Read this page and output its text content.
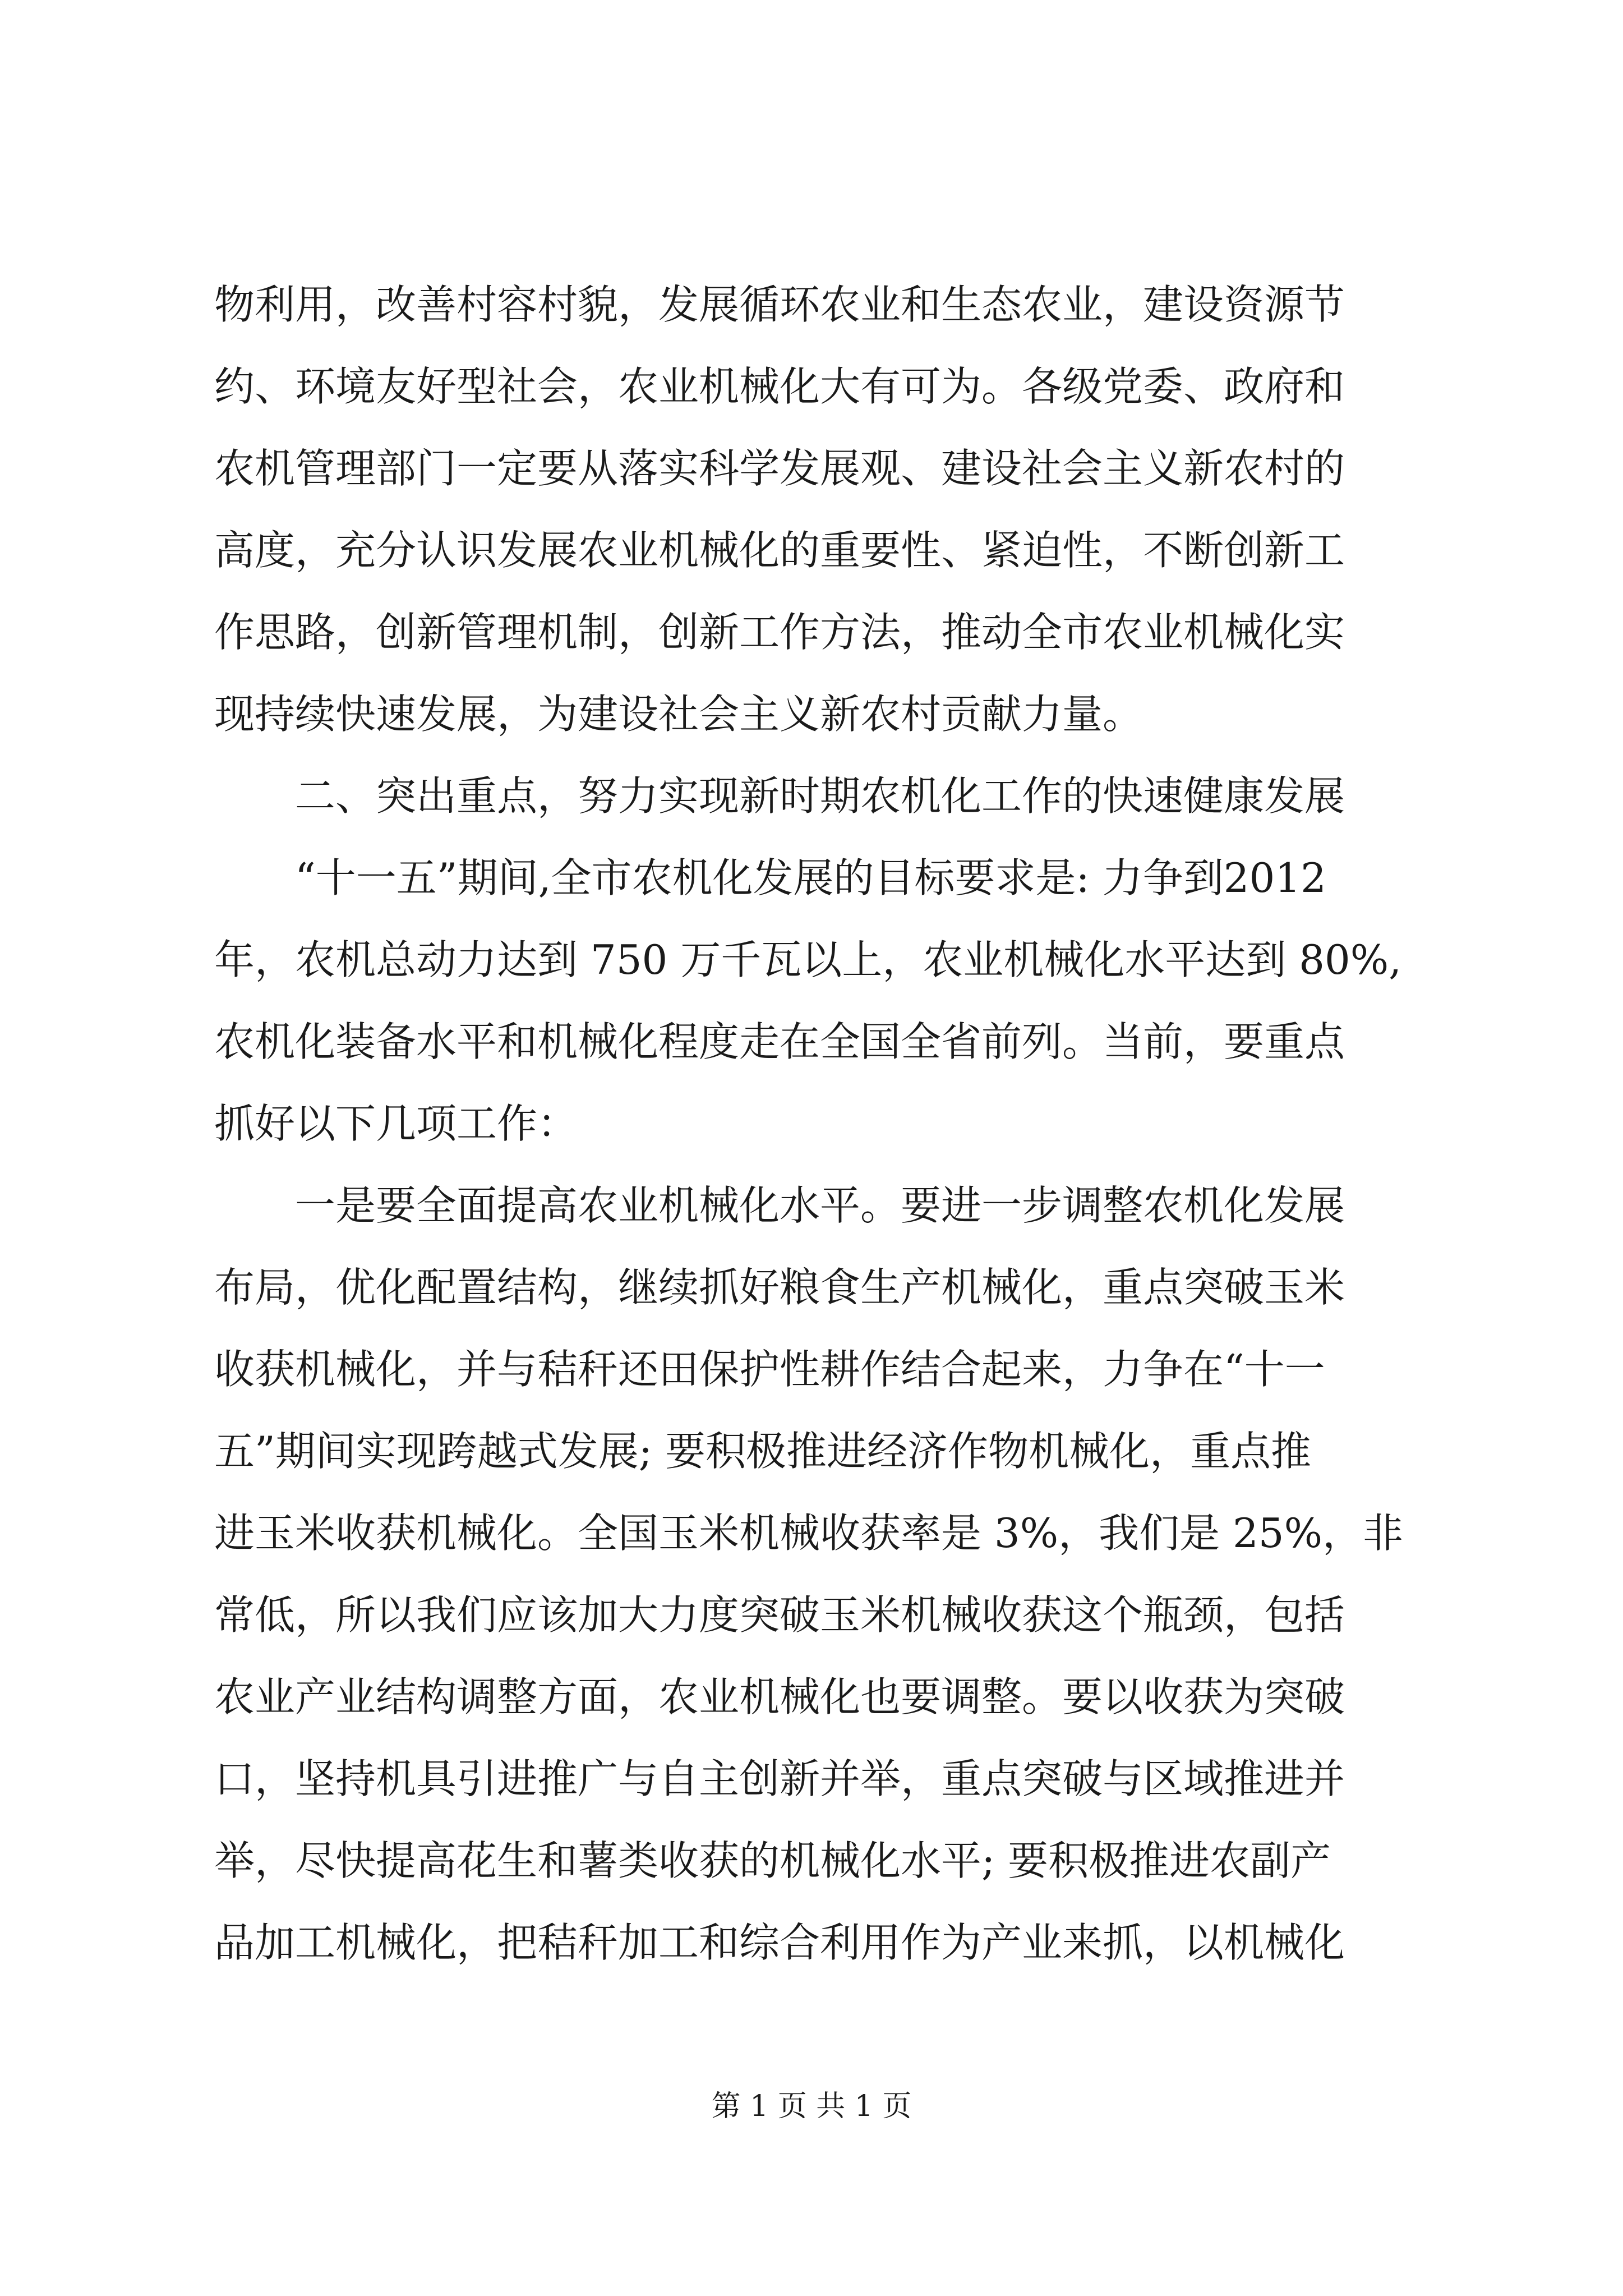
物利用，改善村容村貌，发展循环农业和生态农业，建设资源节
约、环境友好型社会，农业机械化大有可为。各级党委、政府和
农机管理部门一定要从落实科学发展观、建设社会主义新农村的
高度，充分认识发展农业机械化的重要性、紧迫性，不断创新工
作思路，创新管理机制，创新工作方法，推动全市农业机械化实
现持续快速发展，为建设社会主义新农村贡献力量。
二、突出重点，努力实现新时期农机化工作的快速健康发展
“十一五”期间,全市农机化发展的目标要求是: 力争到2012
年，农机总动力达到 750 万千瓦以上，农业机械化水平达到 80%,
农机化装备水平和机械化程度走在全国全省前列。当前，要重点
抓好以下几项工作：
一是要全面提高农业机械化水平。要进一步调整农机化发展
布局，优化配置结构，继续抓好粮食生产机械化，重点突破玉米
收获机械化，并与秸秆还田保护性耕作结合起来，力争在“十一
五”期间实现跨越式发展; 要积极推进经济作物机械化，重点推
进玉米收获机械化。全国玉米机械收获率是 3%，我们是 25%，非
常低，所以我们应该加大力度突破玉米机械收获这个瓶颈，包括
农业产业结构调整方面，农业机械化也要调整。要以收获为突破
口，坚持机具引进推广与自主创新并举，重点突破与区域推进并
举，尽快提高花生和薯类收获的机械化水平; 要积极推进农副产
品加工机械化，把秸秆加工和综合利用作为产业来抓，以机械化
第 1 页 共 1 页
